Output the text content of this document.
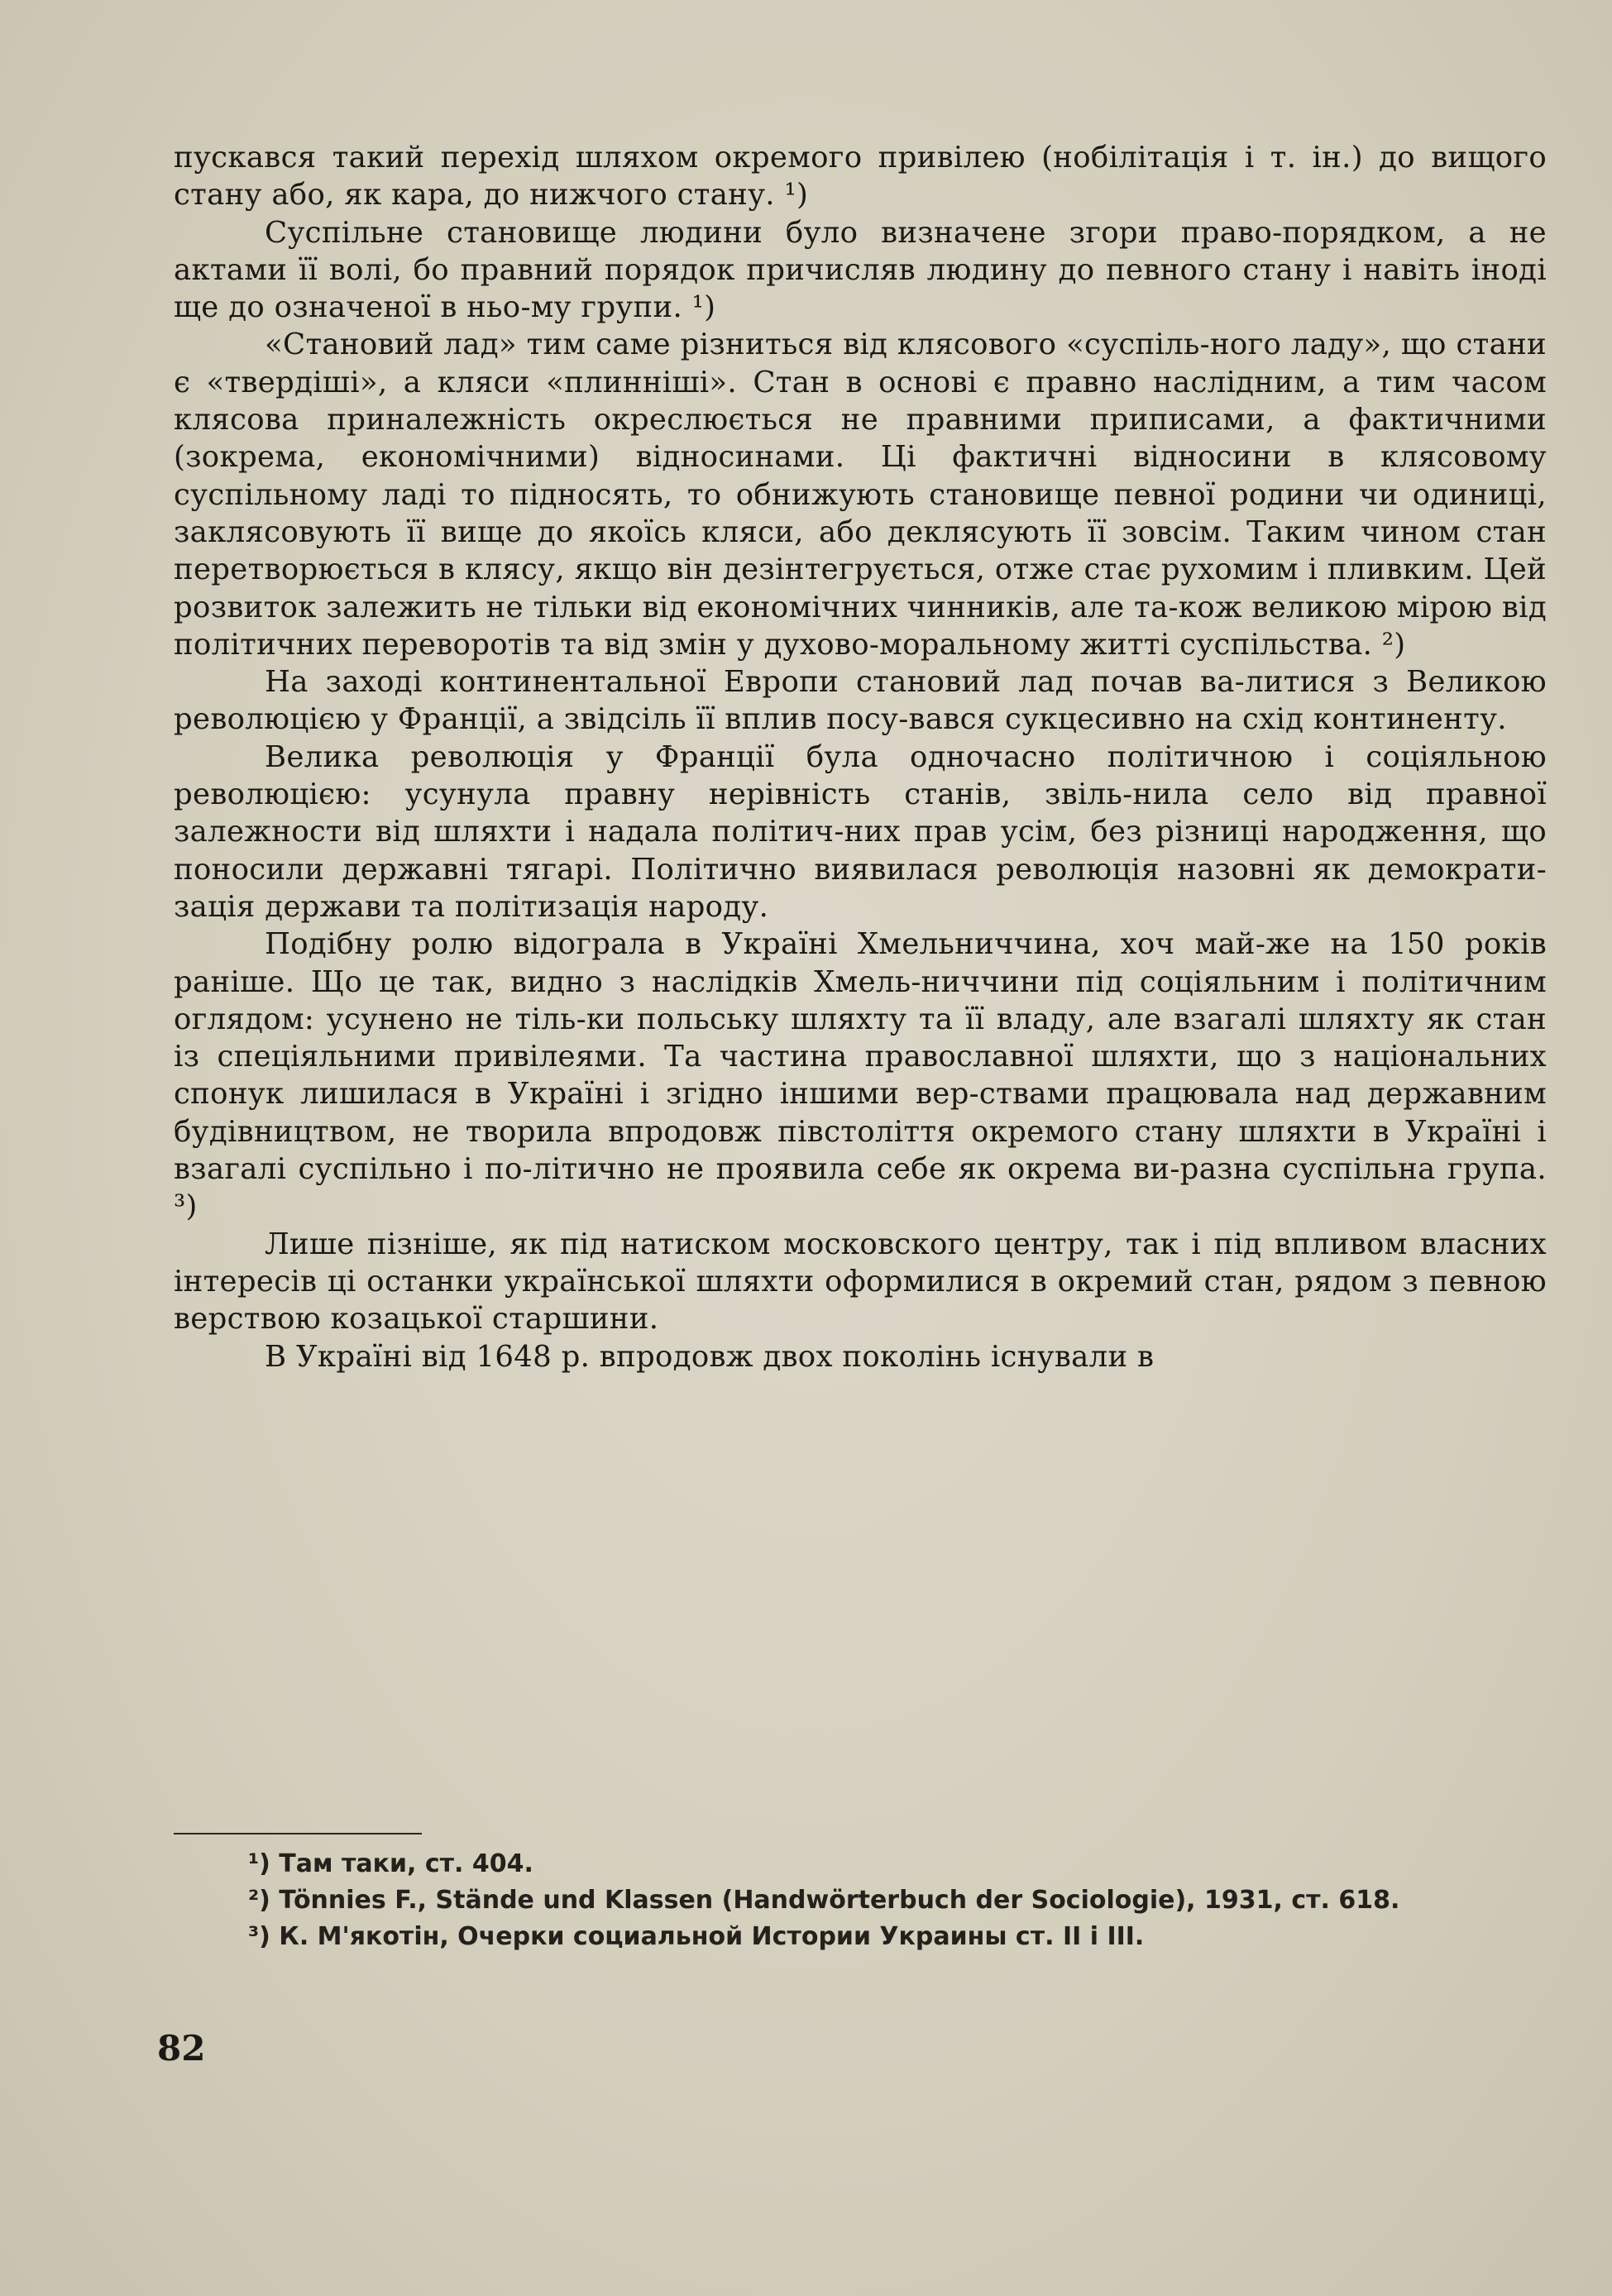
пускався такий перехід шляхом окремого привілею (нобілітація і т. ін.) до вищого стану або, як кара, до нижчого стану. ¹)

Суспільне становище людини було визначене згори право-порядком, а не актами її волі, бо правний порядок причисляв людину до певного стану і навіть іноді ще до означеної в ньо-му групи. ¹)

«Становий лад» тим саме різниться від клясового «суспіль-ного ладу», що стани є «твердіші», а кляси «плинніші». Стан в основі є правно наслідним, а тим часом клясова приналежність окреслюється не правними приписами, а фактичними (зокрема, економічними) відносинами. Ці фактичні відносини в клясовому суспільному ладі то підносять, то обнижують становище певної родини чи одиниці, заклясовують її вище до якоїсь кляси, або деклясують її зовсім. Таким чином стан перетворюється в клясу, якщо він дезінтегрується, отже стає рухомим і пливким. Цей розвиток залежить не тільки від економічних чинників, але та-кож великою мірою від політичних переворотів та від змін у духово-моральному житті суспільства. ²)

На заході континентальної Европи становий лад почав ва-литися з Великою революцією у Франції, а звідсіль її вплив посу-вався сукцесивно на схід континенту.

Велика революція у Франції була одночасно політичною і соціяльною революцією: усунула правну нерівність станів, звіль-нила село від правної залежности від шляхти і надала політич-них прав усім, без різниці народження, що поносили державні тягарі. Політично виявилася революція назовні як демократи-зація держави та політизація народу.

Подібну ролю відограла в Україні Хмельниччина, хоч май-же на 150 років раніше. Що це так, видно з наслідків Хмель-ниччини під соціяльним і політичним оглядом: усунено не тіль-ки польську шляхту та її владу, але взагалі шляхту як стан із спеціяльними привілеями. Та частина православної шляхти, що з національних спонук лишилася в Україні і згідно іншими вер-ствами працювала над державним будівництвом, не творила впродовж півстоліття окремого стану шляхти в Україні і взагалі суспільно і по-літично не проявила себе як окрема ви-разна суспільна група. ³)

Лише пізніше, як під натиском московского центру, так і під впливом власних інтересів ці останки української шляхти оформилися в окремий стан, рядом з певною верствою козацької старшини.

В Україні від 1648 р. впродовж двох поколінь існували в

¹) Там таки, ст. 404.

²) Tönnies F., Stände und Klassen (Handwörterbuch der Sociologie), 1931, ст. 618.

³) К. М'якотін, Очерки социальной Истории Украины ст. II і III.

82
